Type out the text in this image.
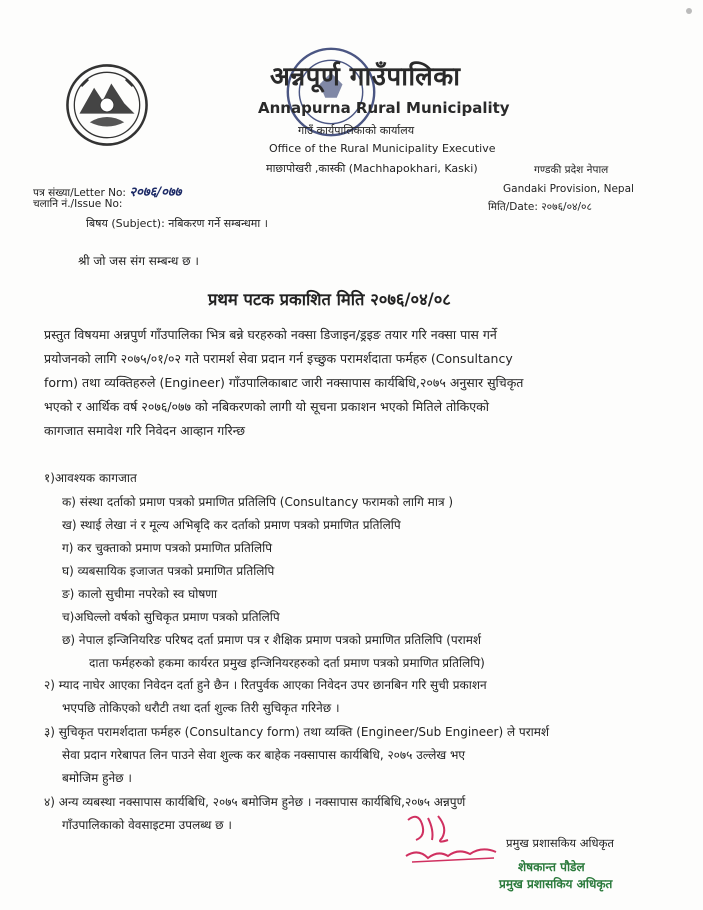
अन्नपूर्ण गाउँपालिका
Annapurna Rural Municipality
गाउँ कार्यपालिकाको कार्यालय
Office of the Rural Municipality Executive
माछापोखरी ,कास्की (Machhapokhari, Kaski)	गण्डकी प्रदेश नेपाल
Gandaki Provision, Nepal
मिति/Date: २०७६/०४/०८
पत्र संख्या/Letter No: २०७६/०७७
चलानि नं./Issue No:
बिषय (Subject): नबिकरण गर्ने सम्बन्धमा ।
श्री जो जस संग सम्बन्ध छ ।
प्रथम पटक प्रकाशित मिति २०७६/०४/०८
प्रस्तुत विषयमा अन्नपुर्ण गाँउपालिका भित्र बन्ने घरहरुको नक्सा डिजाइन/ड्रइङ तयार गरि नक्सा पास गर्ने
प्रयोजनको लागि २०७५/०१/०२ गते परामर्श सेवा प्रदान गर्न इच्छुक परामर्शदाता फर्महरु (Consultancy
form) तथा व्यक्तिहरुले (Engineer) गाँउपालिकाबाट जारी नक्सापास कार्यबिधि,२०७५ अनुसार सुचिकृत
भएको र आर्थिक वर्ष २०७६/०७७ को नबिकरणको लागी यो सूचना प्रकाशन भएको मितिले तोकिएको
कागजात समावेश गरि निवेदन आव्हान गरिन्छ
१)आवश्यक कागजात
क) संस्था दर्ताको प्रमाण पत्रको प्रमाणित प्रतिलिपि (Consultancy फरामको लागि मात्र )
ख) स्थाई लेखा नं र मूल्य अभिबृदि कर दर्ताको प्रमाण पत्रको प्रमाणित प्रतिलिपि
ग) कर चुक्ताको प्रमाण पत्रको प्रमाणित प्रतिलिपि
घ) व्यबसायिक इजाजत पत्रको प्रमाणित प्रतिलिपि
ङ) कालो सुचीमा नपरेको स्व घोषणा
च)अघिल्लो वर्षको सुचिकृत प्रमाण पत्रको प्रतिलिपि
छ) नेपाल इन्जिनियरिङ परिषद दर्ता प्रमाण पत्र र शैक्षिक प्रमाण पत्रको प्रमाणित प्रतिलिपि (परामर्श
दाता फर्महरुको हकमा कार्यरत प्रमुख इन्जिनियरहरुको दर्ता प्रमाण पत्रको प्रमाणित प्रतिलिपि)
२) म्याद नाघेर आएका निवेदन दर्ता हुने छैन । रितपुर्वक आएका निवेदन उपर छानबिन गरि सुची प्रकाशन
भएपछि तोकिएको धरौटी तथा दर्ता शुल्क तिरी सुचिकृत गरिनेछ ।
३) सुचिकृत परामर्शदाता फर्महरु (Consultancy form) तथा व्यक्ति (Engineer/Sub Engineer) ले परामर्श
सेवा प्रदान गरेबापत लिन पाउने सेवा शुल्क कर बाहेक नक्सापास कार्यबिधि, २०७५ उल्लेख भए
बमोजिम हुनेछ ।
४) अन्य व्यबस्था नक्सापास कार्यबिधि, २०७५ बमोजिम हुनेछ । नक्सापास कार्यबिधि,२०७५ अन्नपुर्ण
गाँउपालिकाको वेवसाइटमा उपलब्ध छ ।
प्रमुख प्रशासकिय अधिकृत
शेषकान्त पौडेल
प्रमुख प्रशासकिय अधिकृत
